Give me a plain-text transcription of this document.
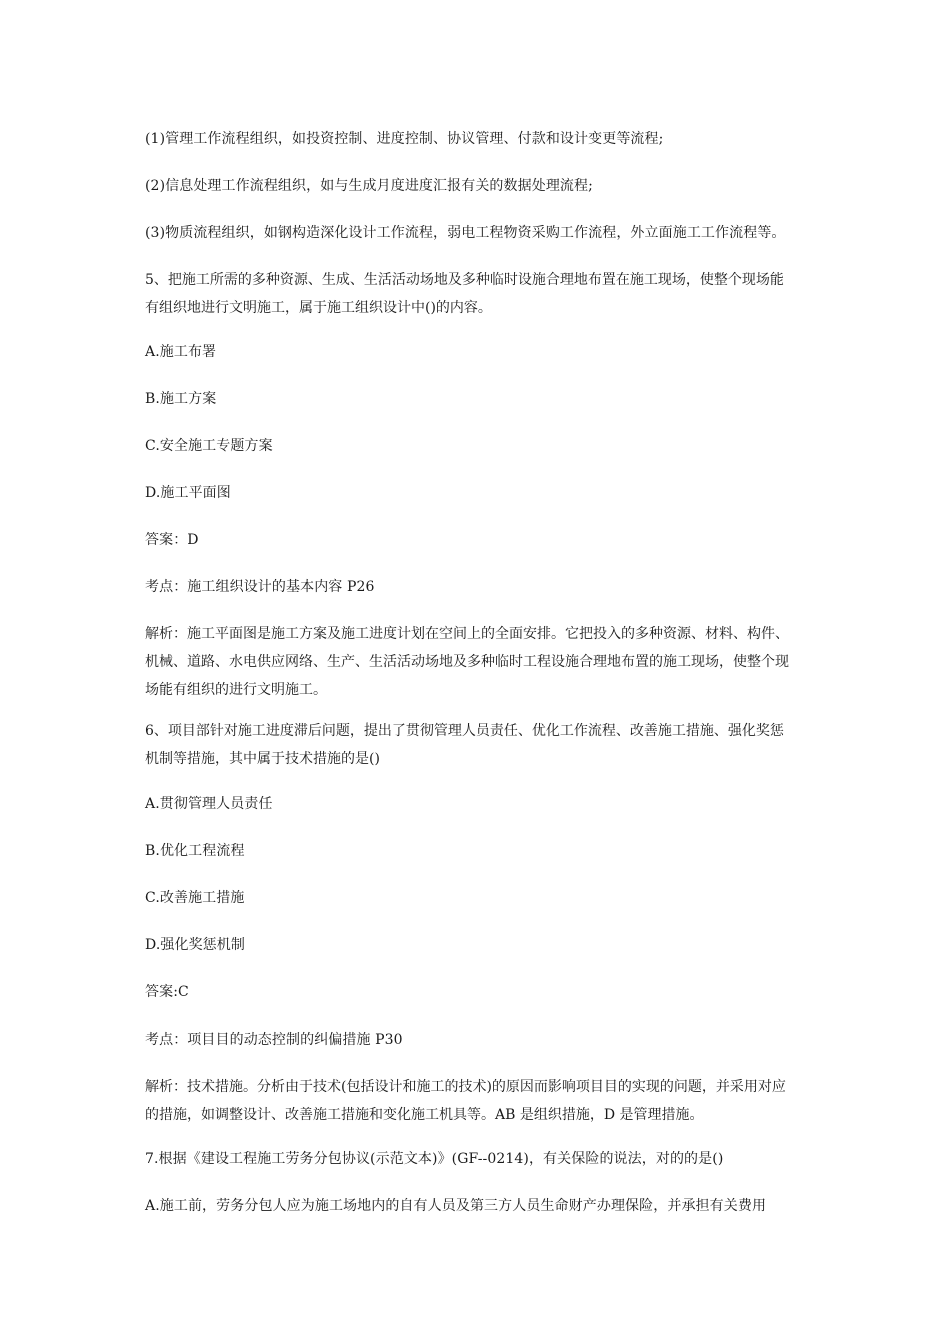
(1)管理工作流程组织，如投资控制、进度控制、协议管理、付款和设计变更等流程;
(2)信息处理工作流程组织，如与生成月度进度汇报有关的数据处理流程;
(3)物质流程组织，如钢构造深化设计工作流程，弱电工程物资采购工作流程，外立面施工工作流程等。
5、把施工所需的多种资源、生成、生活活动场地及多种临时设施合理地布置在施工现场，使整个现场能
有组织地进行文明施工，属于施工组织设计中()的内容。
A.施工布署
B.施工方案
C.安全施工专题方案
D.施工平面图
答案：D
考点：施工组织设计的基本内容 P26
解析：施工平面图是施工方案及施工进度计划在空间上的全面安排。它把投入的多种资源、材料、构件、
机械、道路、水电供应网络、生产、生活活动场地及多种临时工程设施合理地布置的施工现场，使整个现
场能有组织的进行文明施工。
6、项目部针对施工进度滞后问题，提出了贯彻管理人员责任、优化工作流程、改善施工措施、强化奖惩
机制等措施，其中属于技术措施的是()
A.贯彻管理人员责任
B.优化工程流程
C.改善施工措施
D.强化奖惩机制
答案:C
考点：项目目的动态控制的纠偏措施 P30
解析：技术措施。分析由于技术(包括设计和施工的技术)的原因而影响项目目的实现的问题，并采用对应
的措施，如调整设计、改善施工措施和变化施工机具等。AB 是组织措施，D 是管理措施。
7.根据《建设工程施工劳务分包协议(示范文本)》(GF--0214)，有关保险的说法，对的的是()
A.施工前，劳务分包人应为施工场地内的自有人员及第三方人员生命财产办理保险，并承担有关费用
